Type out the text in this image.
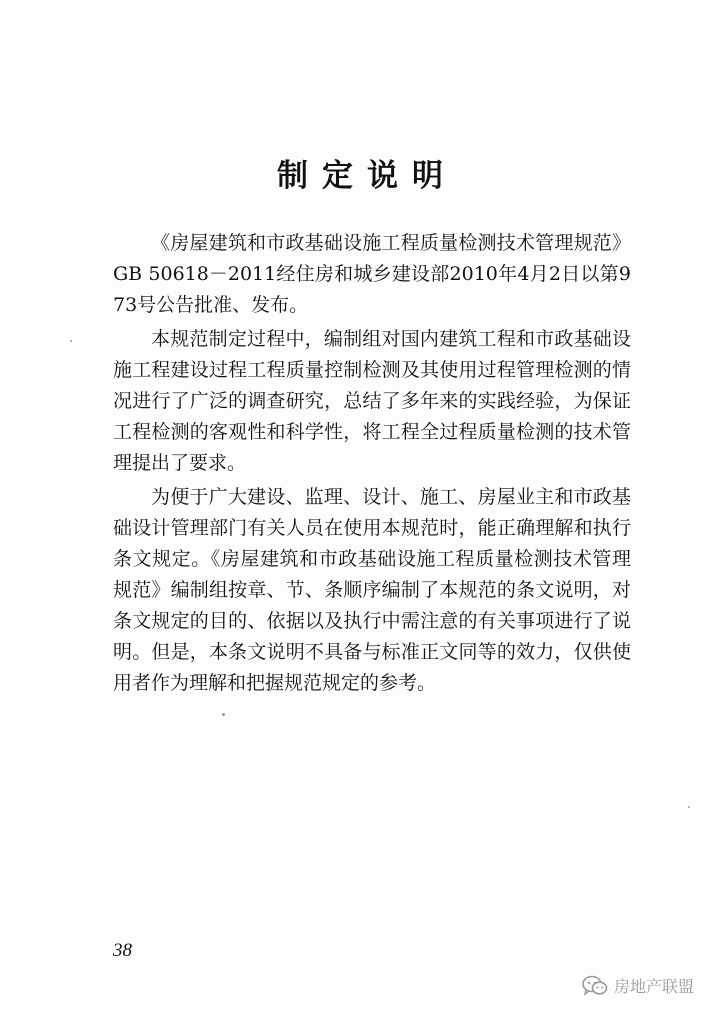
制定说明

《房屋建筑和市政基础设施工程质量检测技术管理规范》GB 50618－2011经住房和城乡建设部2010年4月2日以第973号公告批准、发布。

本规范制定过程中，编制组对国内建筑工程和市政基础设施工程建设过程工程质量控制检测及其使用过程管理检测的情况进行了广泛的调查研究，总结了多年来的实践经验，为保证工程检测的客观性和科学性，将工程全过程质量检测的技术管理提出了要求。

为便于广大建设、监理、设计、施工、房屋业主和市政基础设计管理部门有关人员在使用本规范时，能正确理解和执行条文规定。《房屋建筑和市政基础设施工程质量检测技术管理规范》编制组按章、节、条顺序编制了本规范的条文说明，对条文规定的目的、依据以及执行中需注意的有关事项进行了说明。但是，本条文说明不具备与标准正文同等的效力，仅供使用者作为理解和把握规范规定的参考。

38
房地产联盟
